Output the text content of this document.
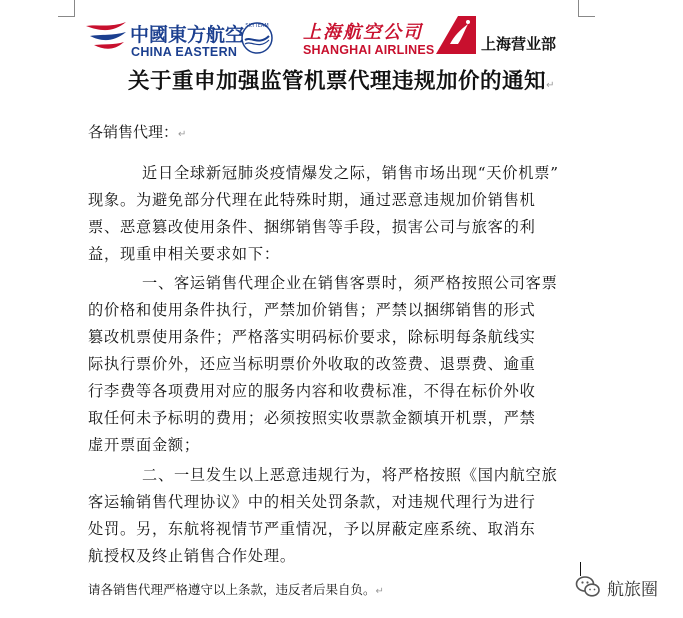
中國東方航空
CHINA EASTERN
SKYTEAM 上海航空公司
SHANGHAI AIRLINES	上海营业部
关于重申加强监管机票代理违规加价的通知↵
各销售代理：↵
　　近日全球新冠肺炎疫情爆发之际，销售市场出现“天价机票”
现象。为避免部分代理在此特殊时期，通过恶意违规加价销售机
票、恶意篡改使用条件、捆绑销售等手段，损害公司与旅客的利
益，现重申相关要求如下：
　　一、客运销售代理企业在销售客票时，须严格按照公司客票
的价格和使用条件执行，严禁加价销售；严禁以捆绑销售的形式
篡改机票使用条件；严格落实明码标价要求，除标明每条航线实
际执行票价外，还应当标明票价外收取的改签费、退票费、逾重
行李费等各项费用对应的服务内容和收费标准，不得在标价外收
取任何未予标明的费用；必须按照实收票款金额填开机票，严禁
虚开票面金额；
　　二、一旦发生以上恶意违规行为，将严格按照《国内航空旅
客运输销售代理协议》中的相关处罚条款，对违规代理行为进行
处罚。另，东航将视情节严重情况，予以屏蔽定座系统、取消东
航授权及终止销售合作处理。
请各销售代理严格遵守以上条款，违反者后果自负。↵	航旅圈
